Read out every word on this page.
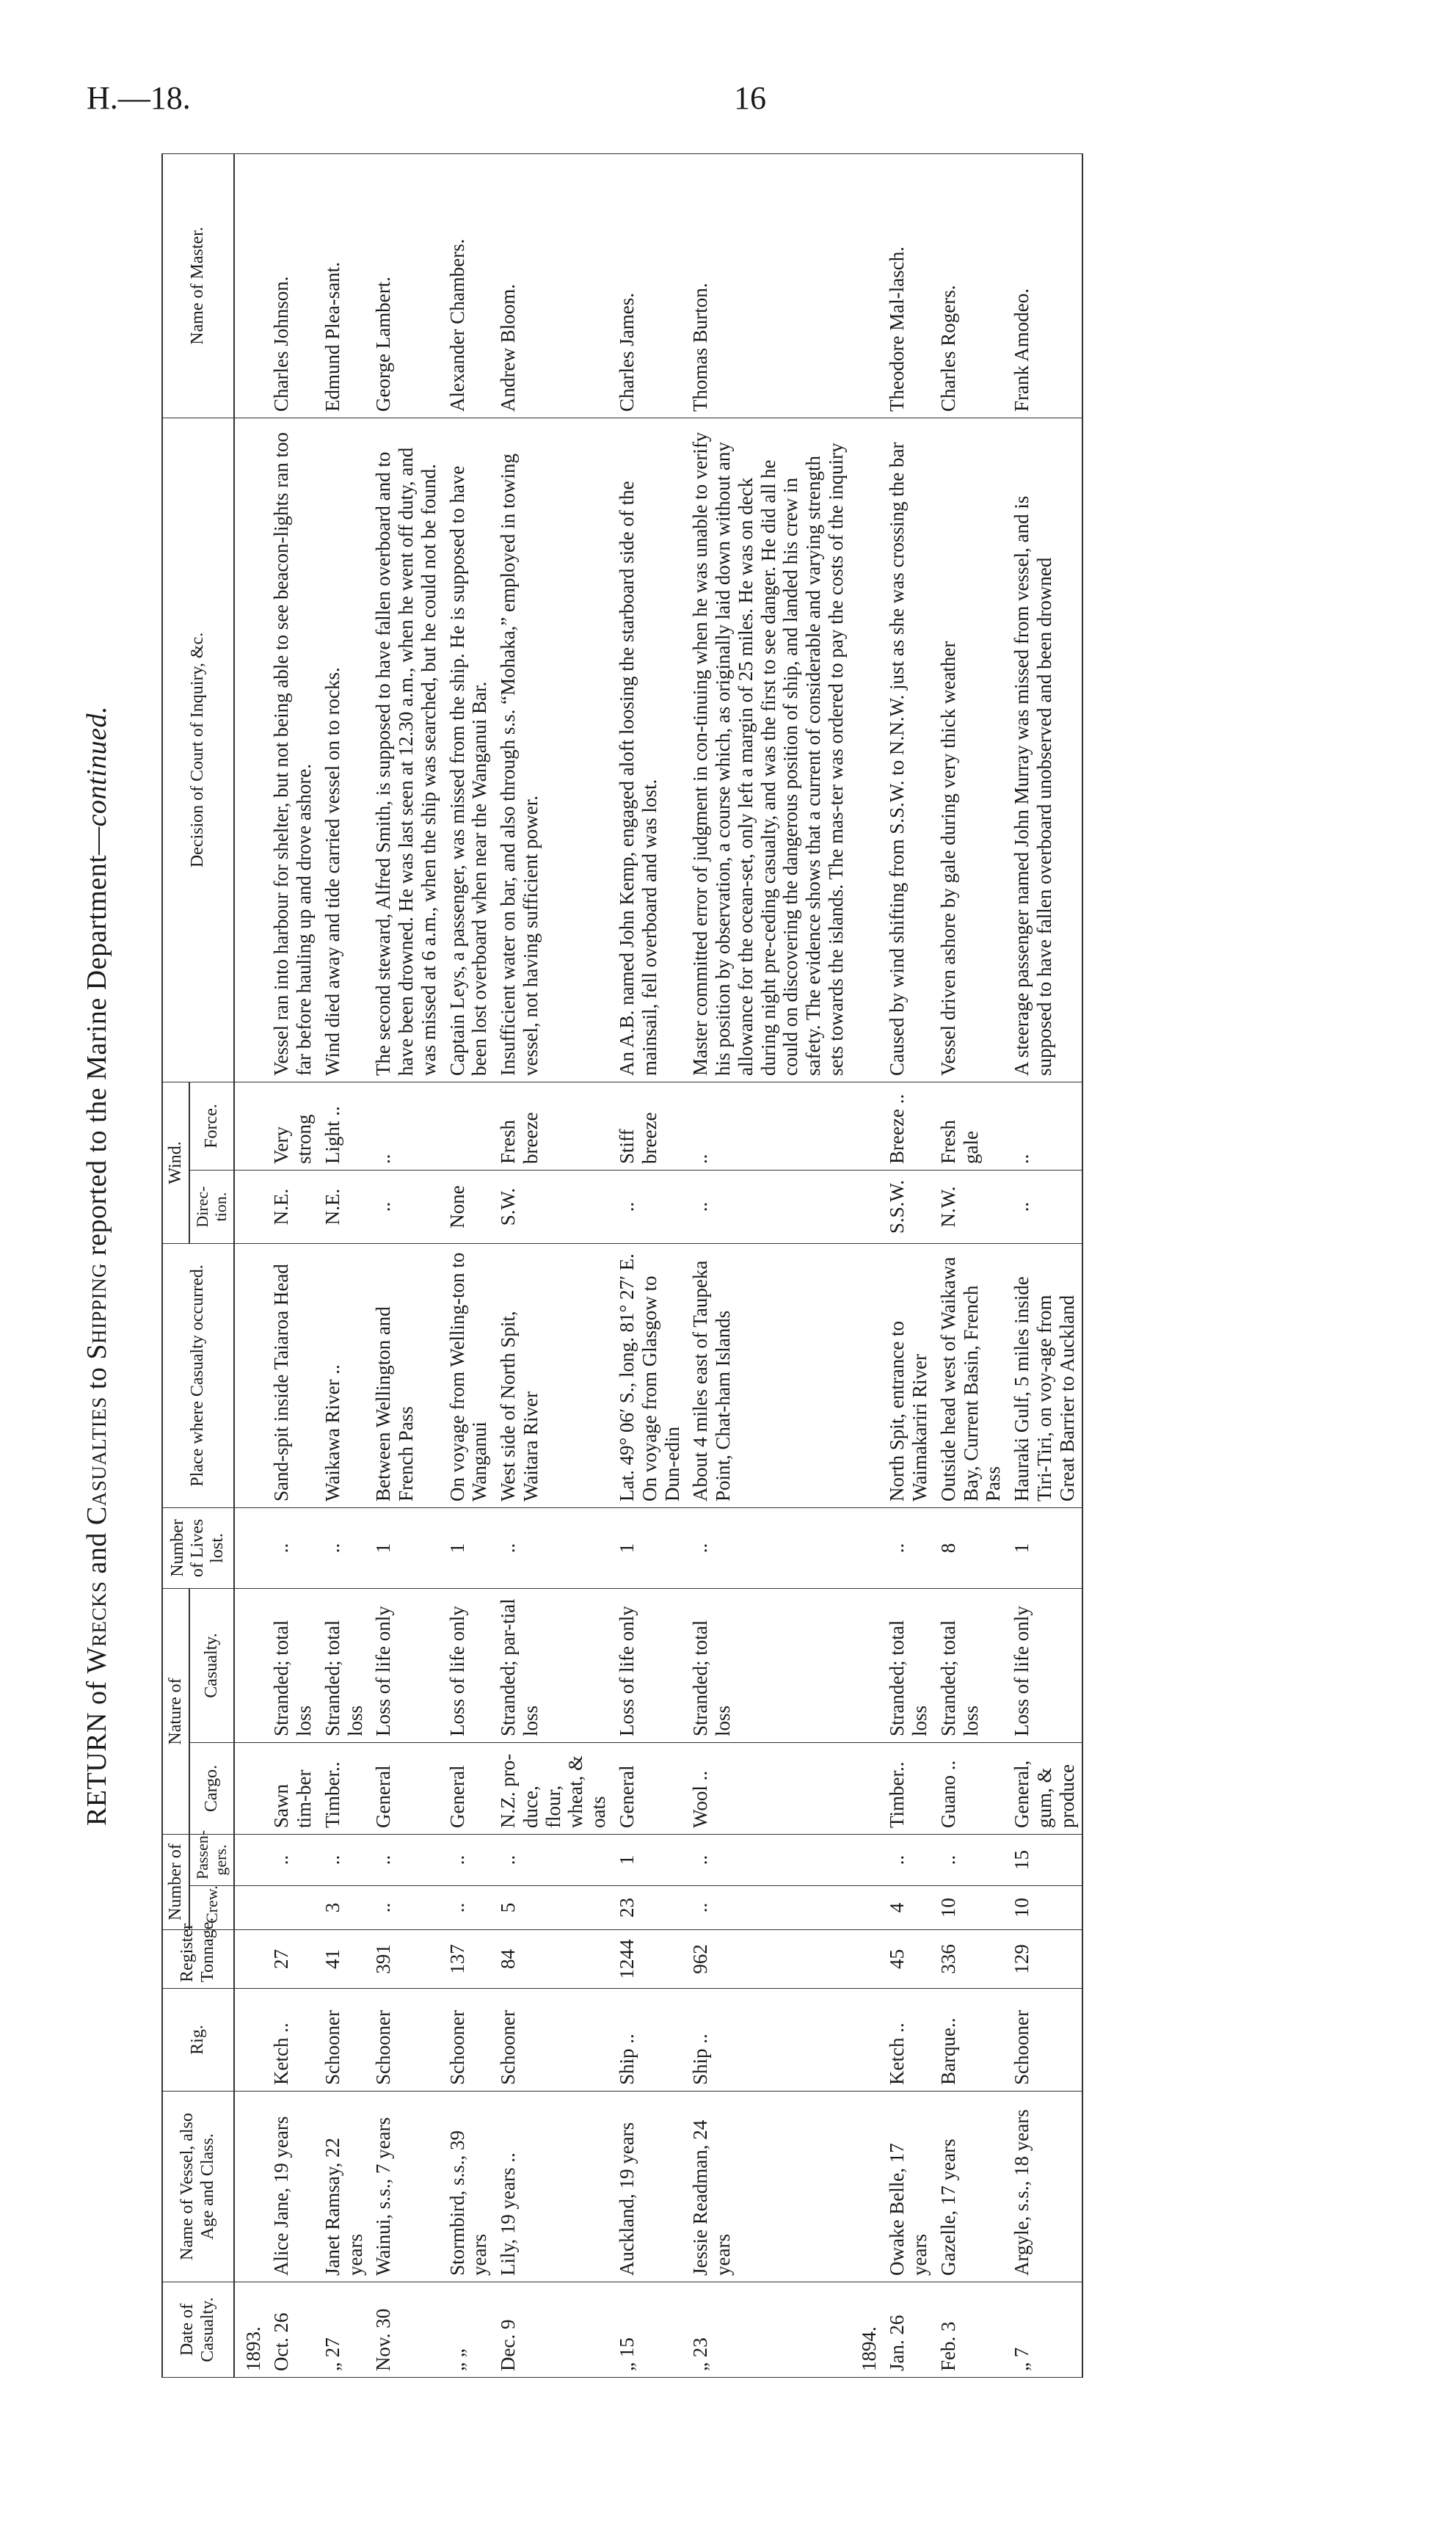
H.—18.	16
RETURN of Wrecks and Casualties to Shipping reported to the Marine Department—continued.
Date of Casualty.	Name of Vessel, also Age and Class.	Rig.	Register Tonnage.	Number of		Nature of		Number of Lives lost.	Place where Casualty occurred.	Wind.		Decision of Court of Inquiry, &c.	Name of Master.
				Crew.	Passen-gers.	Cargo.	Casualty.			Direc-tion.	Force.		
1893.													
Oct. 26	Alice Jane, 19 years	Ketch ..	27		..	Sawn tim-ber	Stranded; total loss	..	Sand-spit inside Taiaroa Head	N.E.	Very strong	Vessel ran into harbour for shelter, but not being able to see beacon-lights ran too far before hauling up and drove ashore.	Charles Johnson.
„ 27	Janet Ramsay, 22 years	Schooner	41	3	..	Timber..	Stranded; total loss	..	Waikawa River ..	N.E.	Light ..	Wind died away and tide carried vessel on to rocks.	Edmund Plea-sant.
Nov. 30	Wainui, s.s., 7 years	Schooner	391	..	..	General	Loss of life only	1	Between Wellington and French Pass	..	..	The second steward, Alfred Smith, is supposed to have fallen overboard and to have been drowned. He was last seen at 12.30 a.m., when he went off duty, and was missed at 6 a.m., when the ship was searched, but he could not be found.	George Lambert.
„ „	Stormbird, s.s., 39 years	Schooner	137	..	..	General	Loss of life only	1	On voyage from Welling-ton to Wanganui	None		Captain Leys, a passenger, was missed from the ship. He is supposed to have been lost overboard when near the Wanganui Bar.	Alexander Chambers.
Dec. 9	Lily, 19 years ..	Schooner	84	5	..	N.Z. pro-duce, flour, wheat, & oats	Stranded; par-tial loss	..	West side of North Spit, Waitara River	S.W.	Fresh breeze	Insufficient water on bar, and also through s.s. “Mohaka,” employed in towing vessel, not having sufficient power.	Andrew Bloom.
„ 15	Auckland, 19 years	Ship ..	1244	23	1	General	Loss of life only	1	Lat. 49° 06′ S., long. 81° 27′ E. On voyage from Glasgow to Dun-edin	..	Stiff breeze	An A.B. named John Kemp, engaged aloft loosing the starboard side of the mainsail, fell overboard and was lost.	Charles James.
„ 23	Jessie Readman, 24 years	Ship ..	962	..	..	Wool ..	Stranded; total loss	..	About 4 miles east of Taupeka Point, Chat-ham Islands	..	..	Master committed error of judgment in con-tinuing when he was unable to verify his position by observation, a course which, as originally laid down without any allowance for the ocean-set, only left a margin of 25 miles. He was on deck during night pre-ceding casualty, and was the first to see danger. He did all he could on discovering the dangerous position of ship, and landed his crew in safety. The evidence shows that a current of considerable and varying strength sets towards the islands. The mas-ter was ordered to pay the costs of the inquiry	Thomas Burton.
1894.													
Jan. 26	Owake Belle, 17 years	Ketch ..	45	4	..	Timber..	Stranded; total loss	..	North Spit, entrance to Waimakariri River	S.S.W.	Breeze ..	Caused by wind shifting from S.S.W. to N.N.W. just as she was crossing the bar	Theodore Mal-lasch.
Feb. 3	Gazelle, 17 years	Barque..	336	10	..	Guano ..	Stranded; total loss	8	Outside head west of Waikawa Bay, Current Basin, French Pass	N.W.	Fresh gale	Vessel driven ashore by gale during very thick weather	Charles Rogers.
„ 7	Argyle, s.s., 18 years	Schooner	129	10	15	General, gum, & produce	Loss of life only	1	Hauraki Gulf, 5 miles inside Tiri-Tiri, on voy-age from Great Barrier to Auckland	..	..	A steerage passenger named John Murray was missed from vessel, and is supposed to have fallen overboard unobserved and been drowned	Frank Amodeo.
